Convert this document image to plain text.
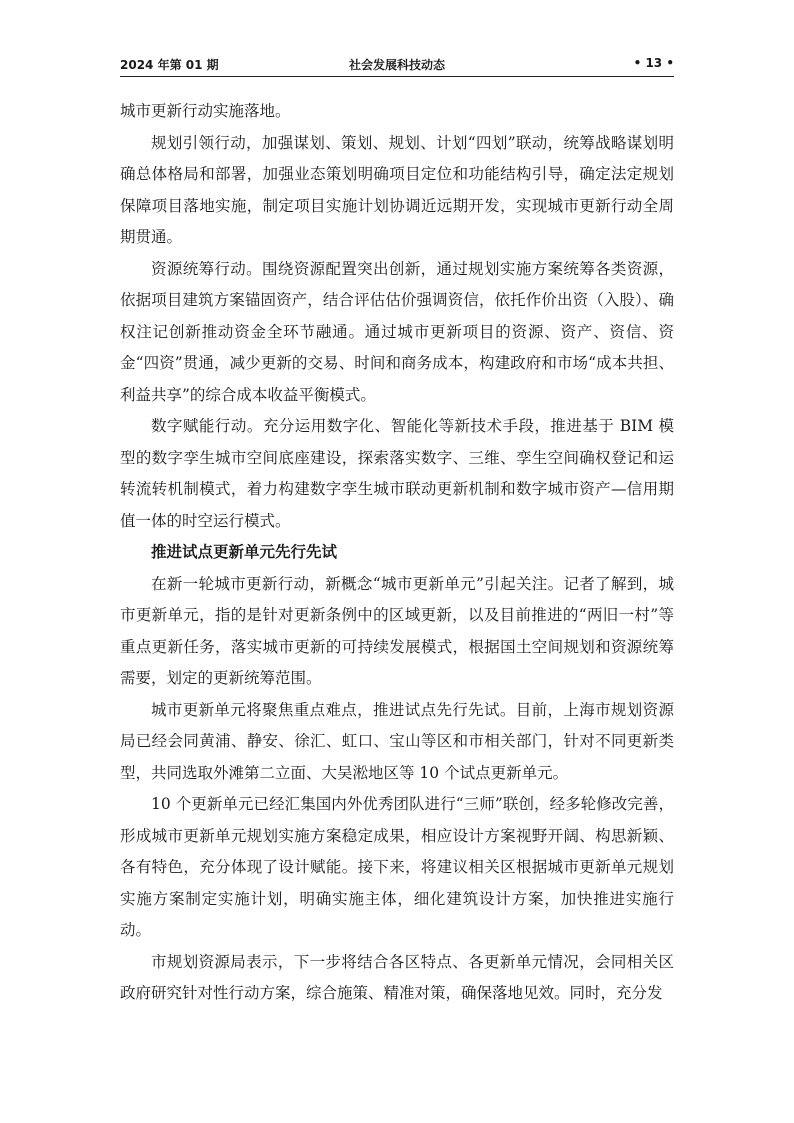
2024 年第 01 期	社会发展科技动态	• 13 •

城市更新行动实施落地。

规划引领行动，加强谋划、策划、规划、计划“四划”联动，统筹战略谋划明确总体格局和部署，加强业态策划明确项目定位和功能结构引导，确定法定规划保障项目落地实施，制定项目实施计划协调近远期开发，实现城市更新行动全周期贯通。

资源统筹行动。围绕资源配置突出创新，通过规划实施方案统筹各类资源，依据项目建筑方案锚固资产，结合评估估价强调资信，依托作价出资（入股）、确权注记创新推动资金全环节融通。通过城市更新项目的资源、资产、资信、资金“四资”贯通，减少更新的交易、时间和商务成本，构建政府和市场“成本共担、利益共享”的综合成本收益平衡模式。

数字赋能行动。充分运用数字化、智能化等新技术手段，推进基于 BIM 模型的数字孪生城市空间底座建设，探索落实数字、三维、孪生空间确权登记和运转流转机制模式，着力构建数字孪生城市联动更新机制和数字城市资产—信用期值一体的时空运行模式。

推进试点更新单元先行先试

在新一轮城市更新行动，新概念“城市更新单元”引起关注。记者了解到，城市更新单元，指的是针对更新条例中的区域更新，以及目前推进的“两旧一村”等重点更新任务，落实城市更新的可持续发展模式，根据国土空间规划和资源统筹需要，划定的更新统筹范围。

城市更新单元将聚焦重点难点，推进试点先行先试。目前，上海市规划资源局已经会同黄浦、静安、徐汇、虹口、宝山等区和市相关部门，针对不同更新类型，共同选取外滩第二立面、大吴淞地区等 10 个试点更新单元。

10 个更新单元已经汇集国内外优秀团队进行“三师”联创，经多轮修改完善，形成城市更新单元规划实施方案稳定成果，相应设计方案视野开阔、构思新颖、各有特色，充分体现了设计赋能。接下来，将建议相关区根据城市更新单元规划实施方案制定实施计划，明确实施主体，细化建筑设计方案，加快推进实施行动。

市规划资源局表示，下一步将结合各区特点、各更新单元情况，会同相关区政府研究针对性行动方案，综合施策、精准对策，确保落地见效。同时，充分发
